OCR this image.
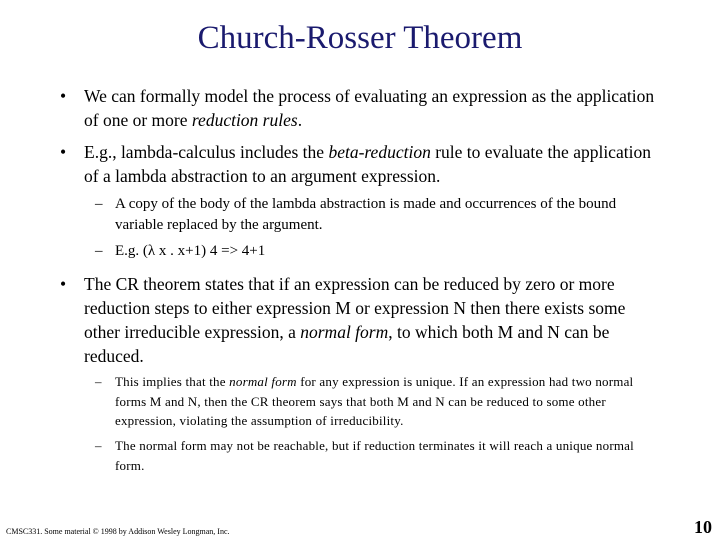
Church-Rosser Theorem
•	We can formally model the process of evaluating an expression as the application of one or more reduction rules.
•	E.g., lambda-calculus includes the beta-reduction rule to evaluate the application of a lambda abstraction to an argument expression.
– A copy of the body of the lambda abstraction is made and occurrences of the bound variable replaced by the argument.
– E.g. (λ x . x+1) 4 => 4+1
•	The CR theorem states that if an expression can be reduced by zero or more reduction steps to either expression M or expression N then there exists some other irreducible expression, a normal form, to which both M and N can be reduced.
–	This implies that the normal form for any expression is unique. If an expression had two normal forms M and N, then the CR theorem says that both M and N can be reduced to some other expression, violating the assumption of irreducibility.
–	The normal form may not be reachable, but if reduction terminates it will reach a unique normal form.
CMSC331. Some material © 1998 by Addison Wesley Longman, Inc.	10
